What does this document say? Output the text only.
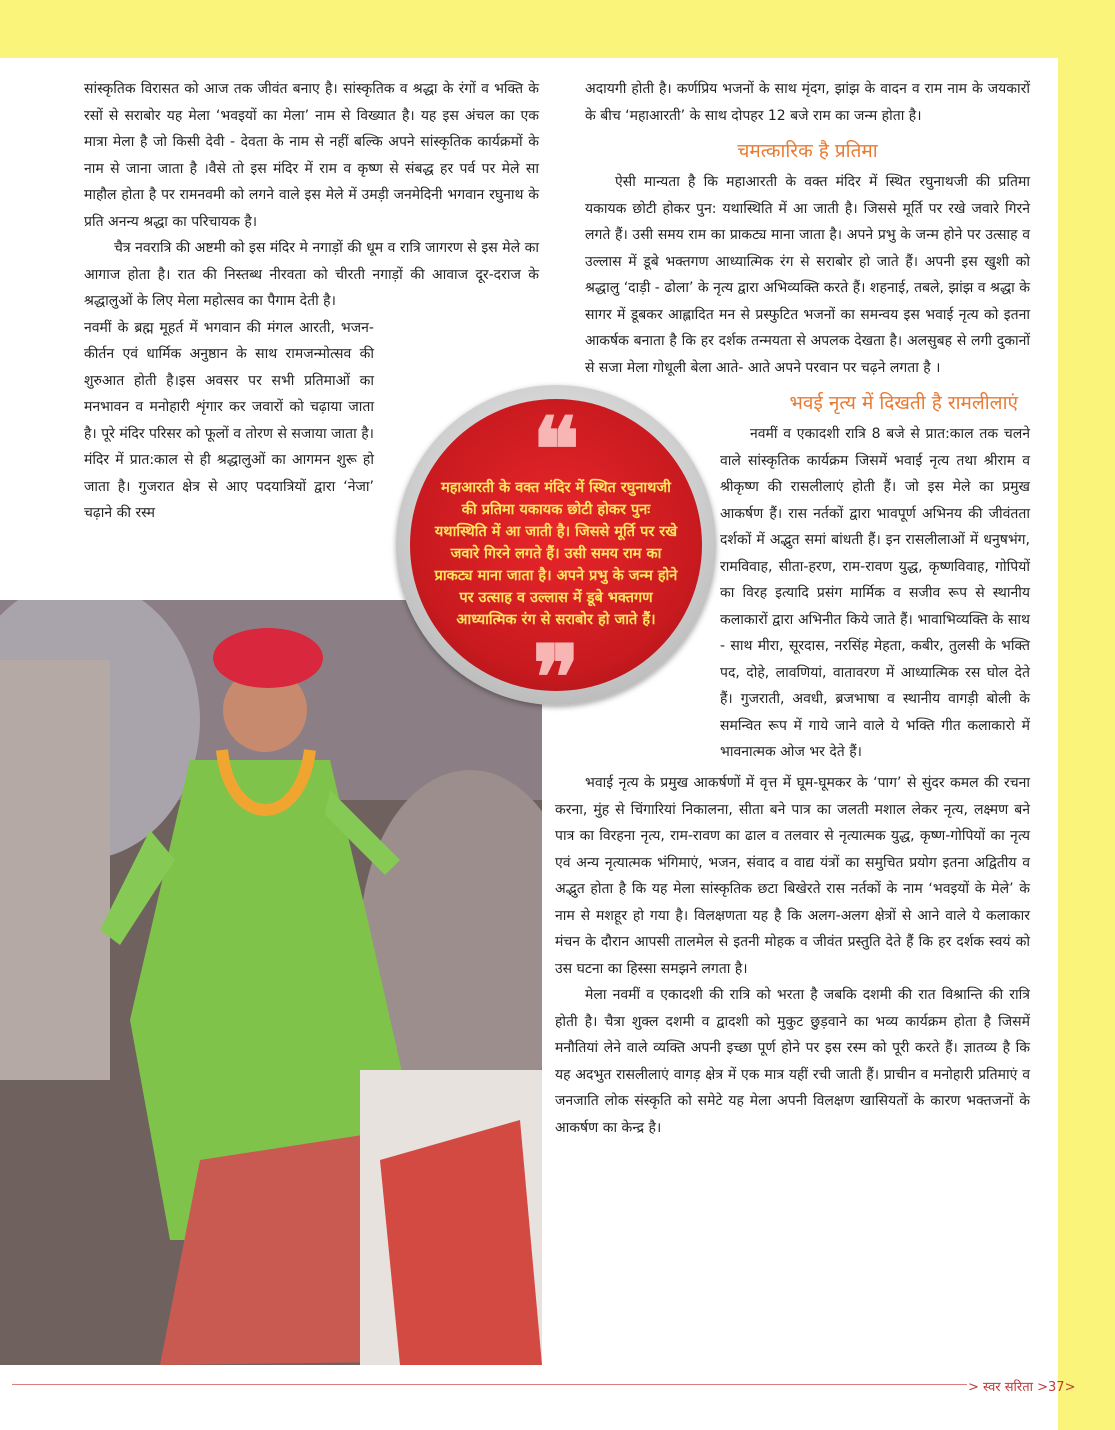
सांस्कृतिक विरासत को आज तक जीवंत बनाए है। सांस्कृतिक व श्रद्धा के रंगों व भक्ति के रसों से सराबोर यह मेला ‘भवइयों का मेला’ नाम से विख्यात है। यह इस अंचल का एक मात्रा मेला है जो किसी देवी - देवता के नाम से नहीं बल्कि अपने सांस्कृतिक कार्यक्रमों के नाम से जाना जाता है ।वैसे तो इस मंदिर में राम व कृष्ण से संबद्ध हर पर्व पर मेले सा माहौल होता है पर रामनवमी को लगने वाले इस मेले में उमड़ी जनमेदिनी भगवान रघुनाथ के प्रति अनन्य श्रद्धा का परिचायक है।

चैत्र नवरात्रि की अष्टमी को इस मंदिर मे नगाड़ों की धूम व रात्रि जागरण से इस मेले का आगाज होता है। रात की निस्तब्ध नीरवता को चीरती नगाड़ों की आवाज दूर-दराज के श्रद्धालुओं के लिए मेला महोत्सव का पैगाम देती है।

नवमीं के ब्रह्म मूहर्त में भगवान की मंगल आरती, भजन-कीर्तन एवं धार्मिक अनुष्ठान के साथ रामजन्मोत्सव की शुरुआत होती है।इस अवसर पर सभी प्रतिमाओं का मनभावन व मनोहारी शृंगार कर जवारों को चढ़ाया जाता है। पूरे मंदिर परिसर को फूलों व तोरण से सजाया जाता है। मंदिर में प्रात:काल से ही श्रद्धालुओं का आगमन शुरू हो जाता है। गुजरात क्षेत्र से आए पदयात्रियों द्वारा ‘नेजा’ चढ़ाने की रस्म

अदायगी होती है। कर्णप्रिय भजनों के साथ मृंदग, झांझ के वादन व राम नाम के जयकारों के बीच ‘महाआरती’ के साथ दोपहर 12 बजे राम का जन्म होता है।

चमत्कारिक है प्रतिमा

ऐसी मान्यता है कि महाआरती के वक्त मंदिर में स्थित रघुनाथजी की प्रतिमा यकायक छोटी होकर पुन: यथास्थिति में आ जाती है। जिससे मूर्ति पर रखे जवारे गिरने लगते हैं। उसी समय राम का प्राकट्य माना जाता है। अपने प्रभु के जन्म होने पर उत्साह व उल्लास में डूबे भक्तगण आध्यात्मिक रंग से सराबोर हो जाते हैं। अपनी इस खुशी को श्रद्धालु ‘दाड़ी - ढोला’ के नृत्य द्वारा अभिव्यक्ति करते हैं। शहनाई, तबले, झांझ व श्रद्धा के सागर में डूबकर आह्लादित मन से प्रस्फुटित भजनों का समन्वय इस भवाई नृत्य को इतना आकर्षक बनाता है कि हर दर्शक तन्मयता से अपलक देखता है। अलसुबह से लगी दुकानों से सजा मेला गोधूली बेला आते- आते अपने परवान पर चढ़ने लगता है ।

भवई नृत्य में दिखती है रामलीलाएं

नवमीं व एकादशी रात्रि 8 बजे से प्रात:काल तक चलने वाले सांस्कृतिक कार्यक्रम जिसमें भवाई नृत्य तथा श्रीराम व श्रीकृष्ण की रासलीलाएं होती हैं। जो इस मेले का प्रमुख आकर्षण हैं। रास नर्तकों द्वारा भावपूर्ण अभिनय की जीवंतता दर्शकों में अद्भुत समां बांधती हैं। इन रासलीलाओं में धनुषभंग, रामविवाह, सीता-हरण, राम-रावण युद्ध, कृष्णविवाह, गोपियों का विरह इत्यादि प्रसंग मार्मिक व सजीव रूप से स्थानीय कलाकारों द्वारा अभिनीत किये जाते हैं। भावाभिव्यक्ति के साथ - साथ मीरा, सूरदास, नरसिंह मेहता, कबीर, तुलसी के भक्ति पद, दोहे, लावणियां, वातावरण में आध्यात्मिक रस घोल देते हैं। गुजराती, अवधी, ब्रजभाषा व स्थानीय वागड़ी बोली के समन्वित रूप में गाये जाने वाले ये भक्ति गीत कलाकारो में भावनात्मक ओज भर देते हैं।

❝
महाआरती के वक्त मंदिर में स्थित रघुनाथजी की प्रतिमा यकायक छोटी होकर पुनः यथास्थिति में आ जाती है। जिससे मूर्ति पर रखे जवारे गिरने लगते हैं। उसी समय राम का प्राकट्य माना जाता है। अपने प्रभु के जन्म होने पर उत्साह व उल्लास में डूबे भक्तगण आध्यात्मिक रंग से सराबोर हो जाते हैं।
❞

भवाई नृत्य के प्रमुख आकर्षणों में वृत्त में घूम-घूमकर के ‘पाग’ से सुंदर कमल की रचना करना, मुंह से चिंगारियां निकालना, सीता बने पात्र का जलती मशाल लेकर नृत्य, लक्ष्मण बने पात्र का विरहना नृत्य, राम-रावण का ढाल व तलवार से नृत्यात्मक युद्ध, कृष्ण-गोपियों का नृत्य एवं अन्य नृत्यात्मक भंगिमाएं, भजन, संवाद व वाद्य यंत्रों का समुचित प्रयोग इतना अद्वितीय व अद्भुत होता है कि यह मेला सांस्कृतिक छटा बिखेरते रास नर्तकों के नाम ‘भवइयों के मेले’ के नाम से मशहूर हो गया है। विलक्षणता यह है कि अलग-अलग क्षेत्रों से आने वाले ये कलाकार मंचन के दौरान आपसी तालमेल से इतनी मोहक व जीवंत प्रस्तुति देते हैं कि हर दर्शक स्वयं को उस घटना का हिस्सा समझने लगता है।

मेला नवमीं व एकादशी की रात्रि को भरता है जबकि दशमी की रात विश्रान्ति की रात्रि होती है। चैत्रा शुक्ल दशमी व द्वादशी को मुकुट छुड़वाने का भव्य कार्यक्रम होता है जिसमें मनौतियां लेने वाले व्यक्ति अपनी इच्छा पूर्ण होने पर इस रस्म को पूरी करते हैं। ज्ञातव्य है कि यह अदभुत रासलीलाएं वागड़ क्षेत्र में एक मात्र यहीं रची जाती हैं। प्राचीन व मनोहारी प्रतिमाएं व जनजाति लोक संस्कृति को समेटे यह मेला अपनी विलक्षण खासियतों के कारण भक्तजनों के आकर्षण का केन्द्र है।

> स्वर सरिता >37>
